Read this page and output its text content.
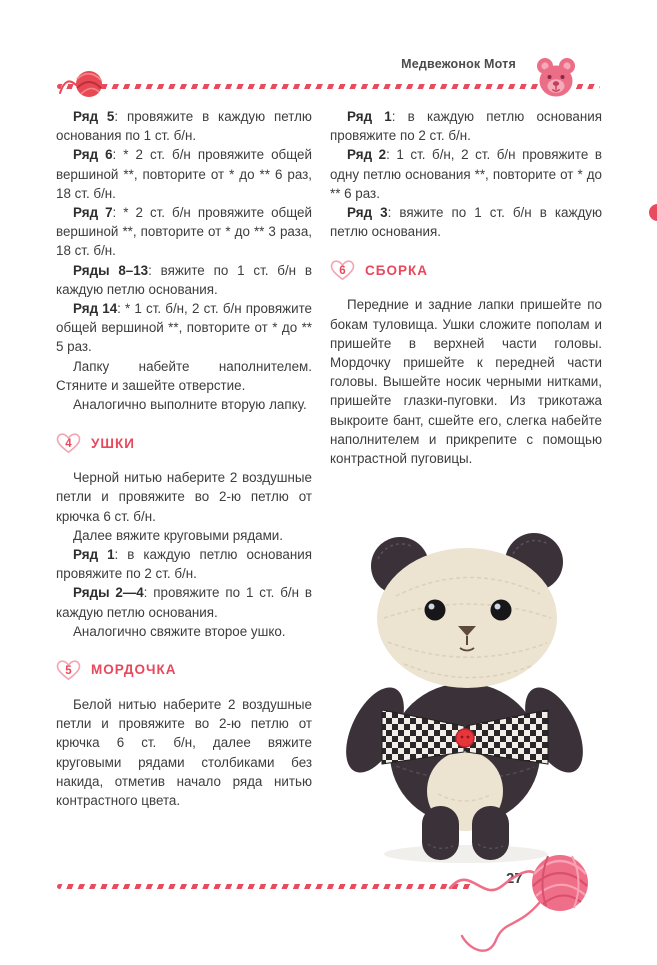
Медвежонок Мотя

Ряд 5: провяжите в каждую петлю основания по 1 ст. б/н.

Ряд 6: * 2 ст. б/н провяжите общей вершиной **, повторите от * до ** 6 раз, 18 ст. б/н.

Ряд 7: * 2 ст. б/н провяжите общей вершиной **, повторите от * до ** 3 раза, 18 ст. б/н.

Ряды 8–13: вяжите по 1 ст. б/н в каждую петлю основания.

Ряд 14: * 1 ст. б/н, 2 ст. б/н провяжите общей вершиной **, повторите от * до ** 5 раз.

Лапку набейте наполнителем. Стяните и зашейте отверстие.

Аналогично выполните вторую лапку.

4	УШКИ

Черной нитью наберите 2 воздушные петли и провяжите во 2-ю петлю от крючка 6 ст. б/н.

Далее вяжите круговыми рядами.

Ряд 1: в каждую петлю основания провяжите по 2 ст. б/н.

Ряды 2—4: провяжите по 1 ст. б/н в каждую петлю основания.

Аналогично свяжите второе ушко.

5	МОРДОЧКА

Белой нитью наберите 2 воздушные петли и провяжите во 2-ю петлю от крючка 6 ст. б/н, далее вяжите круговыми рядами столбиками без накида, отметив начало ряда нитью контрастного цвета.

Ряд 1: в каждую петлю основания провяжите по 2 ст. б/н.

Ряд 2: 1 ст. б/н, 2 ст. б/н провяжите в одну петлю основания **, повторите от * до ** 6 раз.

Ряд 3: вяжите по 1 ст. б/н в каждую петлю основания.

6	СБОРКА

Передние и задние лапки пришейте по бокам туловища. Ушки сложите пополам и пришейте в верхней части головы. Мордочку пришейте к передней части головы. Вышейте носик черными нитками, пришейте глазки-пуговки. Из трикотажа выкроите бант, сшейте его, слегка набейте наполнителем и прикрепите с помощью контрастной пуговицы.

27
